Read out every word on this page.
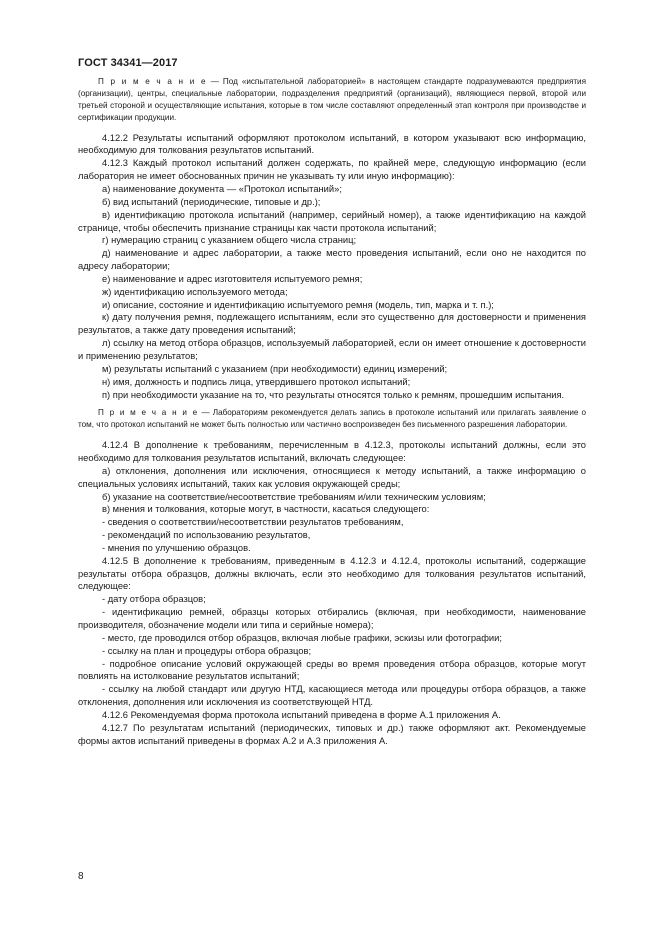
ГОСТ 34341—2017

П р и м е ч а н и е — Под «испытательной лабораторией» в настоящем стандарте подразумеваются предприятия (организации), центры, специальные лаборатории, подразделения предприятий (организаций), являющиеся первой, второй или третьей стороной и осуществляющие испытания, которые в том числе составляют определенный этап контроля при производстве и сертификации продукции.

4.12.2 Результаты испытаний оформляют протоколом испытаний, в котором указывают всю информацию, необходимую для толкования результатов испытаний.

4.12.3 Каждый протокол испытаний должен содержать, по крайней мере, следующую информацию (если лаборатория не имеет обоснованных причин не указывать ту или иную информацию):

а) наименование документа — «Протокол испытаний»;

б) вид испытаний (периодические, типовые и др.);

в) идентификацию протокола испытаний (например, серийный номер), а также идентификацию на каждой странице, чтобы обеспечить признание страницы как части протокола испытаний;

г) нумерацию страниц с указанием общего числа страниц;

д) наименование и адрес лаборатории, а также место проведения испытаний, если оно не находится по адресу лаборатории;

е) наименование и адрес изготовителя испытуемого ремня;

ж) идентификацию используемого метода;

и) описание, состояние и идентификацию испытуемого ремня (модель, тип, марка и т. п.);

к) дату получения ремня, подлежащего испытаниям, если это существенно для достоверности и применения результатов, а также дату проведения испытаний;

л) ссылку на метод отбора образцов, используемый лабораторией, если он имеет отношение к достоверности и применению результатов;

м) результаты испытаний с указанием (при необходимости) единиц измерений;

н) имя, должность и подпись лица, утвердившего протокол испытаний;

п) при необходимости указание на то, что результаты относятся только к ремням, прошедшим испытания.

П р и м е ч а н и е — Лабораториям рекомендуется делать запись в протоколе испытаний или прилагать заявление о том, что протокол испытаний не может быть полностью или частично воспроизведен без письменного разрешения лаборатории.

4.12.4 В дополнение к требованиям, перечисленным в 4.12.3, протоколы испытаний должны, если это необходимо для толкования результатов испытаний, включать следующее:

а) отклонения, дополнения или исключения, относящиеся к методу испытаний, а также информацию о специальных условиях испытаний, таких как условия окружающей среды;

б) указание на соответствие/несоответствие требованиям и/или техническим условиям;

в) мнения и толкования, которые могут, в частности, касаться следующего:

- сведения о соответствии/несоответствии результатов требованиям,

- рекомендаций по использованию результатов,

- мнения по улучшению образцов.

4.12.5 В дополнение к требованиям, приведенным в 4.12.3 и 4.12.4, протоколы испытаний, содержащие результаты отбора образцов, должны включать, если это необходимо для толкования результатов испытаний, следующее:

- дату отбора образцов;

- идентификацию ремней, образцы которых отбирались (включая, при необходимости, наименование производителя, обозначение модели или типа и серийные номера);

- место, где проводился отбор образцов, включая любые графики, эскизы или фотографии;

- ссылку на план и процедуры отбора образцов;

- подробное описание условий окружающей среды во время проведения отбора образцов, которые могут повлиять на истолкование результатов испытаний;

- ссылку на любой стандарт или другую НТД, касающиеся метода или процедуры отбора образцов, а также отклонения, дополнения или исключения из соответствующей НТД.

4.12.6 Рекомендуемая форма протокола испытаний приведена в форме А.1 приложения А.

4.12.7 По результатам испытаний (периодических, типовых и др.) также оформляют акт. Рекомендуемые формы актов испытаний приведены в формах А.2 и А.3 приложения А.

8
